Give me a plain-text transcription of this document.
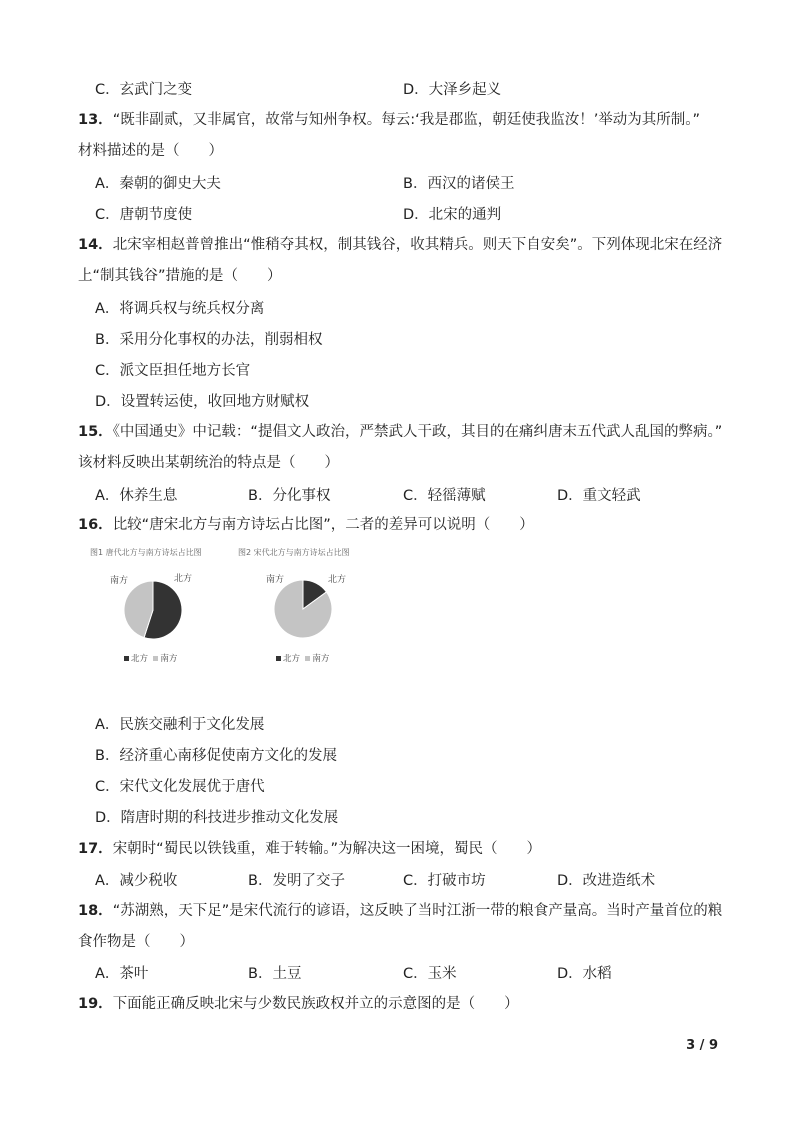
C．玄武门之变	D．大泽乡起义
13．“既非副贰，又非属官，故常与知州争权。每云:‘我是郡监，朝廷使我监汝！’举动为其所制。”
材料描述的是（　　）
A．秦朝的御史大夫	B．西汉的诸侯王
C．唐朝节度使	D．北宋的通判
14．北宋宰相赵普曾推出“惟稍夺其权，制其钱谷，收其精兵。则天下自安矣”。下列体现北宋在经济
上“制其钱谷”措施的是（　　）
A．将调兵权与统兵权分离
B．采用分化事权的办法，削弱相权
C．派文臣担任地方长官
D．设置转运使，收回地方财赋权
15．《中国通史》中记载：“提倡文人政治，严禁武人干政，其目的在痛纠唐末五代武人乱国的弊病。”
该材料反映出某朝统治的特点是（　　）
A．休养生息	B．分化事权	C．轻徭薄赋	D．重文轻武
16．比较“唐宋北方与南方诗坛占比图”，二者的差异可以说明（　　）
图1 唐代北方与南方诗坛占比图	图2 宋代北方与南方诗坛占比图
南方	北方	南方	北方
北方 南方	北方 南方
A．民族交融利于文化发展
B．经济重心南移促使南方文化的发展
C．宋代文化发展优于唐代
D．隋唐时期的科技进步推动文化发展
17．宋朝时“蜀民以铁钱重，难于转输。”为解决这一困境，蜀民（　　）
A．减少税收	B．发明了交子	C．打破市坊	D．改进造纸术
18．“苏湖熟，天下足”是宋代流行的谚语，这反映了当时江浙一带的粮食产量高。当时产量首位的粮
食作物是（　　）
A．茶叶	B．土豆	C．玉米	D．水稻
19．下面能正确反映北宋与少数民族政权并立的示意图的是（　　）
3 / 9
